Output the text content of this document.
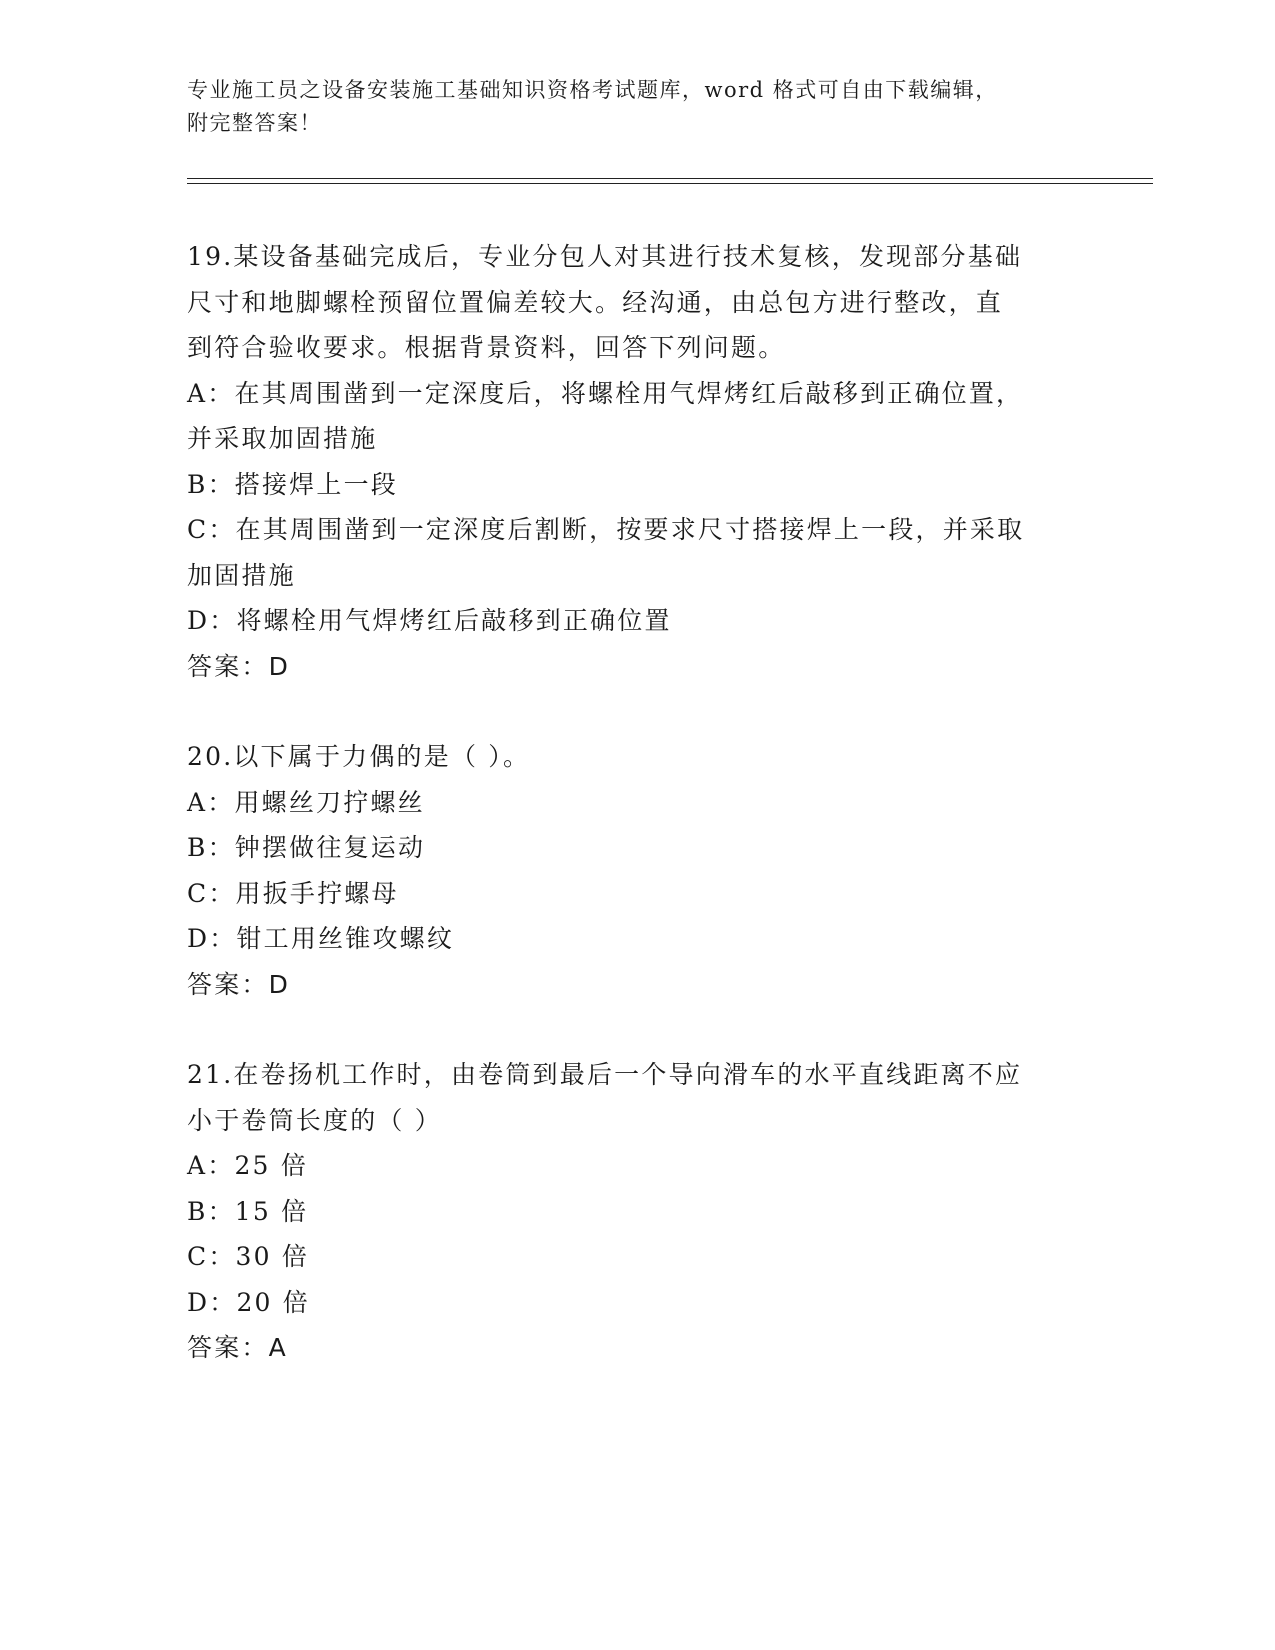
专业施工员之设备安装施工基础知识资格考试题库，word 格式可自由下载编辑，
附完整答案！
19.某设备基础完成后，专业分包人对其进行技术复核，发现部分基础
尺寸和地脚螺栓预留位置偏差较大。经沟通，由总包方进行整改，直
到符合验收要求。根据背景资料，回答下列问题。
A：在其周围凿到一定深度后，将螺栓用气焊烤红后敲移到正确位置，
并采取加固措施
B：搭接焊上一段
C：在其周围凿到一定深度后割断，按要求尺寸搭接焊上一段，并采取
加固措施
D：将螺栓用气焊烤红后敲移到正确位置
答案：D
20.以下属于力偶的是（ ）。
A：用螺丝刀拧螺丝
B：钟摆做往复运动
C：用扳手拧螺母
D：钳工用丝锥攻螺纹
答案：D
21.在卷扬机工作时，由卷筒到最后一个导向滑车的水平直线距离不应
小于卷筒长度的（ ）
A：25 倍
B：15 倍
C：30 倍
D：20 倍
答案：A
